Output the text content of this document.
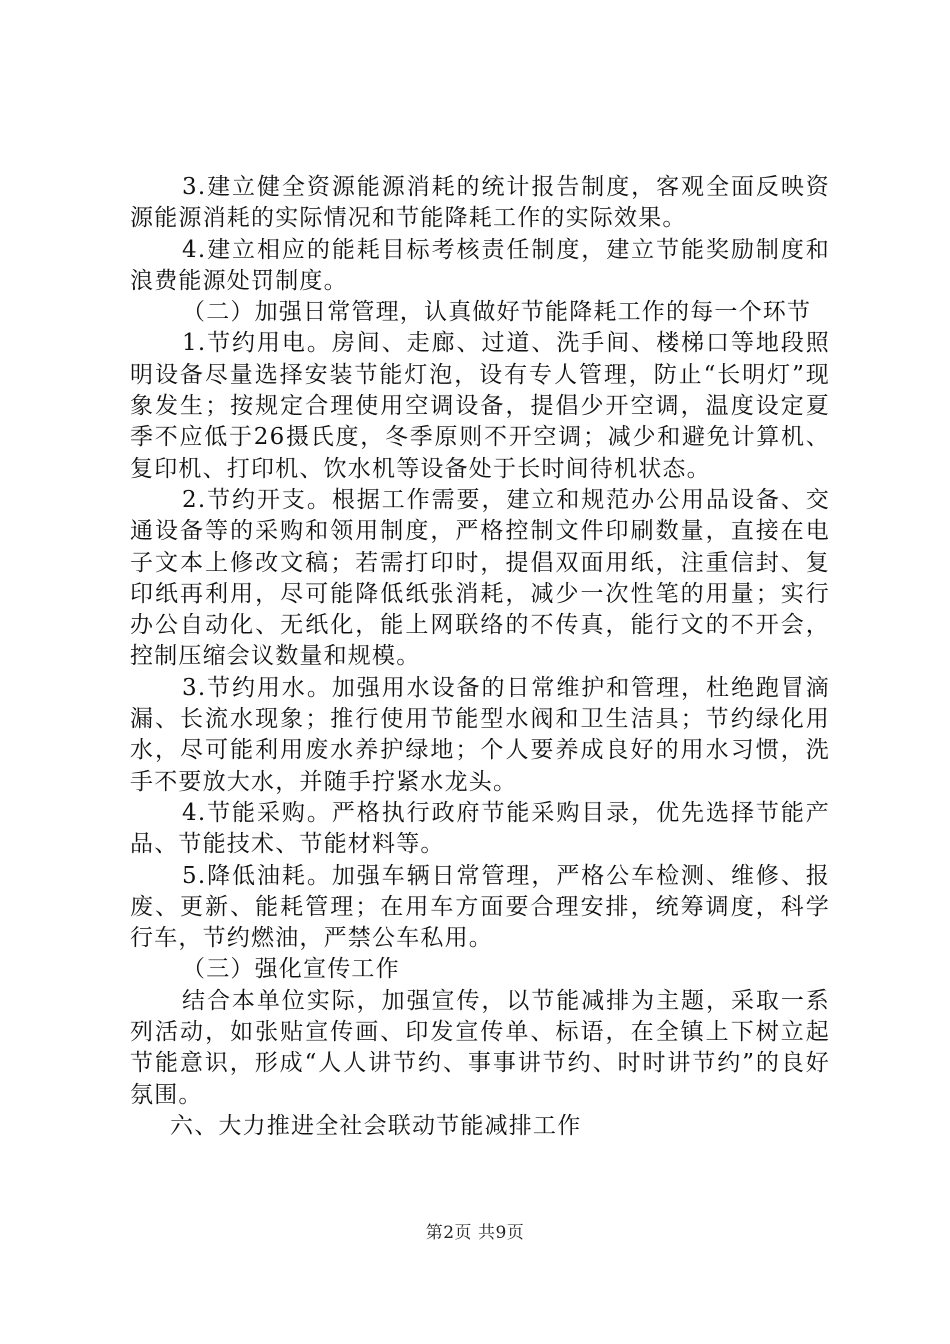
3.建立健全资源能源消耗的统计报告制度，客观全面反映资源能源消耗的实际情况和节能降耗工作的实际效果。

4.建立相应的能耗目标考核责任制度，建立节能奖励制度和浪费能源处罚制度。

（二）加强日常管理，认真做好节能降耗工作的每一个环节

1.节约用电。房间、走廊、过道、洗手间、楼梯口等地段照明设备尽量选择安装节能灯泡，设有专人管理，防止“长明灯”现象发生；按规定合理使用空调设备，提倡少开空调，温度设定夏季不应低于26摄氏度，冬季原则不开空调；减少和避免计算机、复印机、打印机、饮水机等设备处于长时间待机状态。

2.节约开支。根据工作需要，建立和规范办公用品设备、交通设备等的采购和领用制度，严格控制文件印刷数量，直接在电子文本上修改文稿；若需打印时，提倡双面用纸，注重信封、复印纸再利用，尽可能降低纸张消耗，减少一次性笔的用量；实行办公自动化、无纸化，能上网联络的不传真，能行文的不开会，控制压缩会议数量和规模。

3.节约用水。加强用水设备的日常维护和管理，杜绝跑冒滴漏、长流水现象；推行使用节能型水阀和卫生洁具；节约绿化用水，尽可能利用废水养护绿地；个人要养成良好的用水习惯，洗手不要放大水，并随手拧紧水龙头。

4.节能采购。严格执行政府节能采购目录，优先选择节能产品、节能技术、节能材料等。

5.降低油耗。加强车辆日常管理，严格公车检测、维修、报废、更新、能耗管理；在用车方面要合理安排，统筹调度，科学行车，节约燃油，严禁公车私用。

（三）强化宣传工作

结合本单位实际，加强宣传，以节能减排为主题，采取一系列活动，如张贴宣传画、印发宣传单、标语，在全镇上下树立起节能意识，形成“人人讲节约、事事讲节约、时时讲节约”的良好氛围。

六、大力推进全社会联动节能减排工作

第2页 共9页
